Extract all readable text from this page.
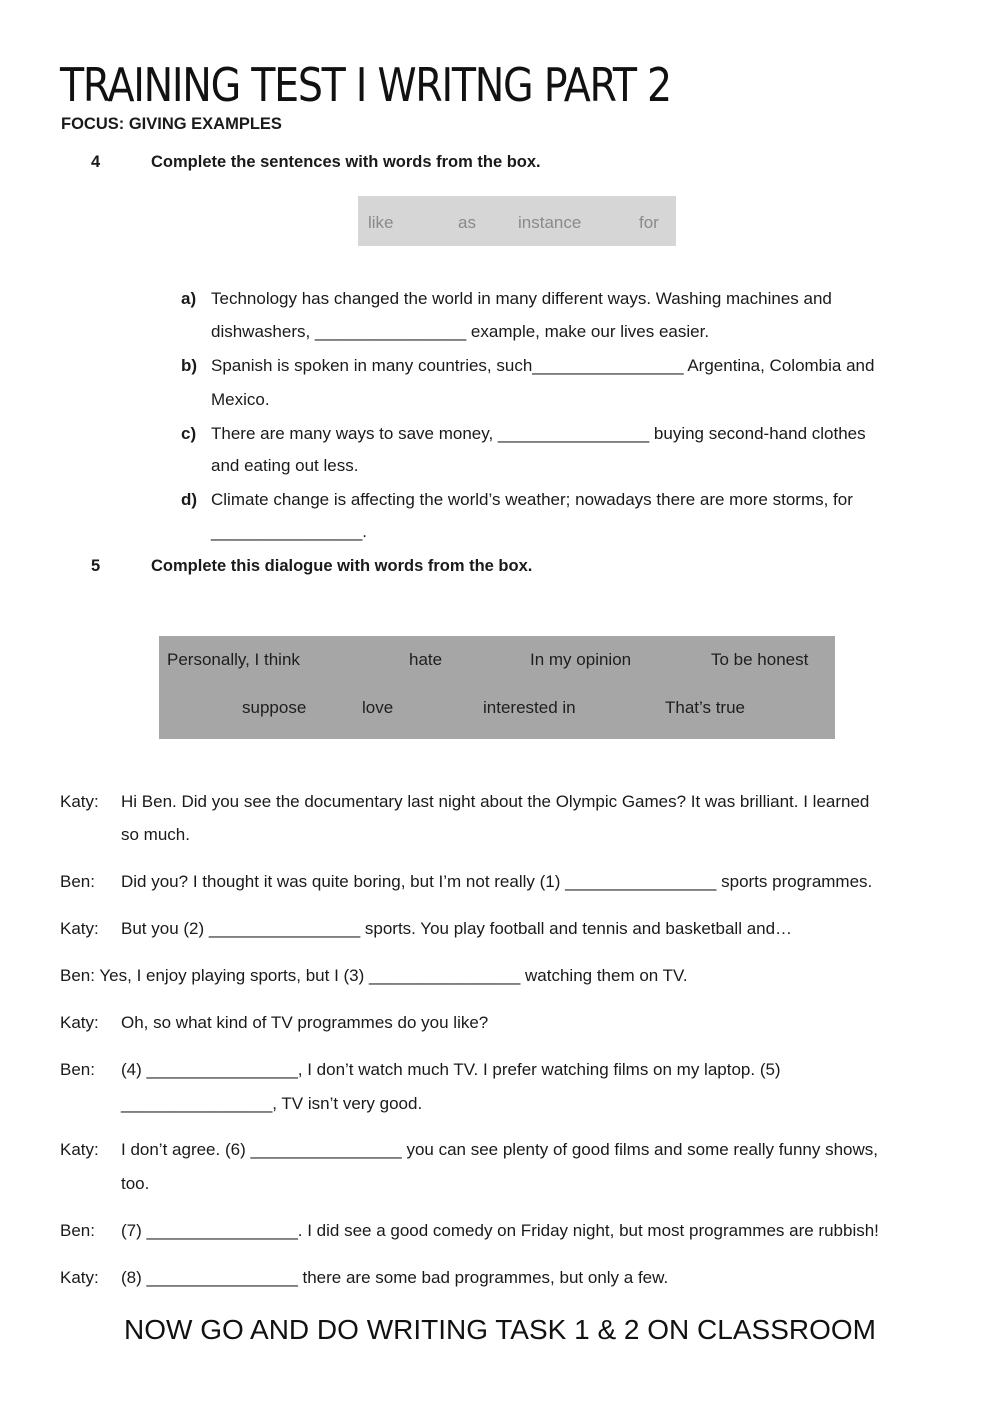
TRAINING TEST I WRITNG PART 2
FOCUS: GIVING EXAMPLES
4	Complete the sentences with words from the box.
like	as instance	for
a) Technology has changed the world in many different ways. Washing machines and
dishwashers, ________________ example, make our lives easier.
b) Spanish is spoken in many countries, such________________ Argentina, Colombia and
Mexico.
c) There are many ways to save money, ________________ buying second-hand clothes
and eating out less.
d) Climate change is affecting the world’s weather; nowadays there are more storms, for
________________.
5	Complete this dialogue with words from the box.
Personally, I think	hate	In my opinion	To be honest
suppose	love	interested in	That’s true
Katy: Hi Ben. Did you see the documentary last night about the Olympic Games? It was brilliant. I learned
so much.
Ben: Did you? I thought it was quite boring, but I’m not really (1) ________________ sports programmes.
Katy: But you (2) ________________ sports. You play football and tennis and basketball and…
Ben: Yes, I enjoy playing sports, but I (3) ________________ watching them on TV.
Katy: Oh, so what kind of TV programmes do you like?
Ben: (4) ________________, I don’t watch much TV. I prefer watching films on my laptop. (5)
________________, TV isn’t very good.
Katy: I don’t agree. (6) ________________ you can see plenty of good films and some really funny shows,
too.
Ben: (7) ________________. I did see a good comedy on Friday night, but most programmes are rubbish!
Katy: (8) ________________ there are some bad programmes, but only a few.
NOW GO AND DO WRITING TASK 1 & 2 ON CLASSROOM
